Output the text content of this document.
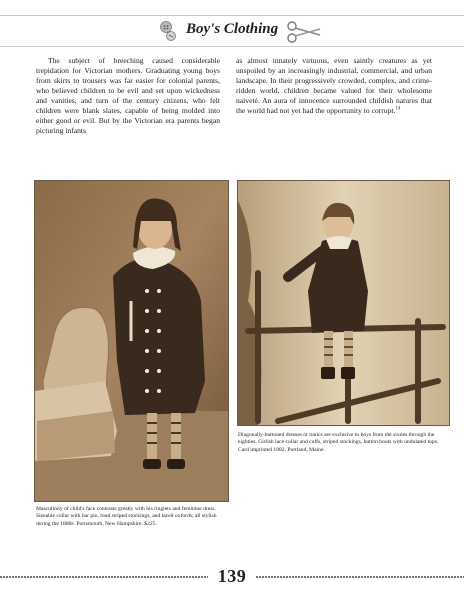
Boy's Clothing

The subject of breeching caused considerable trepidation for Victorian mothers. Graduating young boys from skirts to trousers was far easier for colonial parents, who believed children to be evil and set upon wickedness and vanities, and turn of the century citizens, who felt children were blank slates, capable of being molded into either good or evil. But by the Victorian era parents began picturing infants

as almost innately virtuous, even saintly creatures as yet unspoiled by an increasingly industrial, commercial, and urban landscape. In their progressively crowded, complex, and crime-ridden world, children became valued for their wholesome naiveté. An aura of innocence surrounded childish natures that the world had not yet had the opportunity to corrupt.$^{14}$

Diagonally-buttoned dresses or tunics are exclusive to boys from the sixties through the eighties. Girlish lace collar and cuffs, striped stockings, button boots with undulated tops. Card imprinted 1882. Portland, Maine.
Masculinity of child's face contrasts greatly with his ringlets and feminine dress. Sizeable collar with bar pin, loud striped stockings, and laced oxfords; all stylish during the 1880s. Portsmouth, New Hampshire. $225.
139
